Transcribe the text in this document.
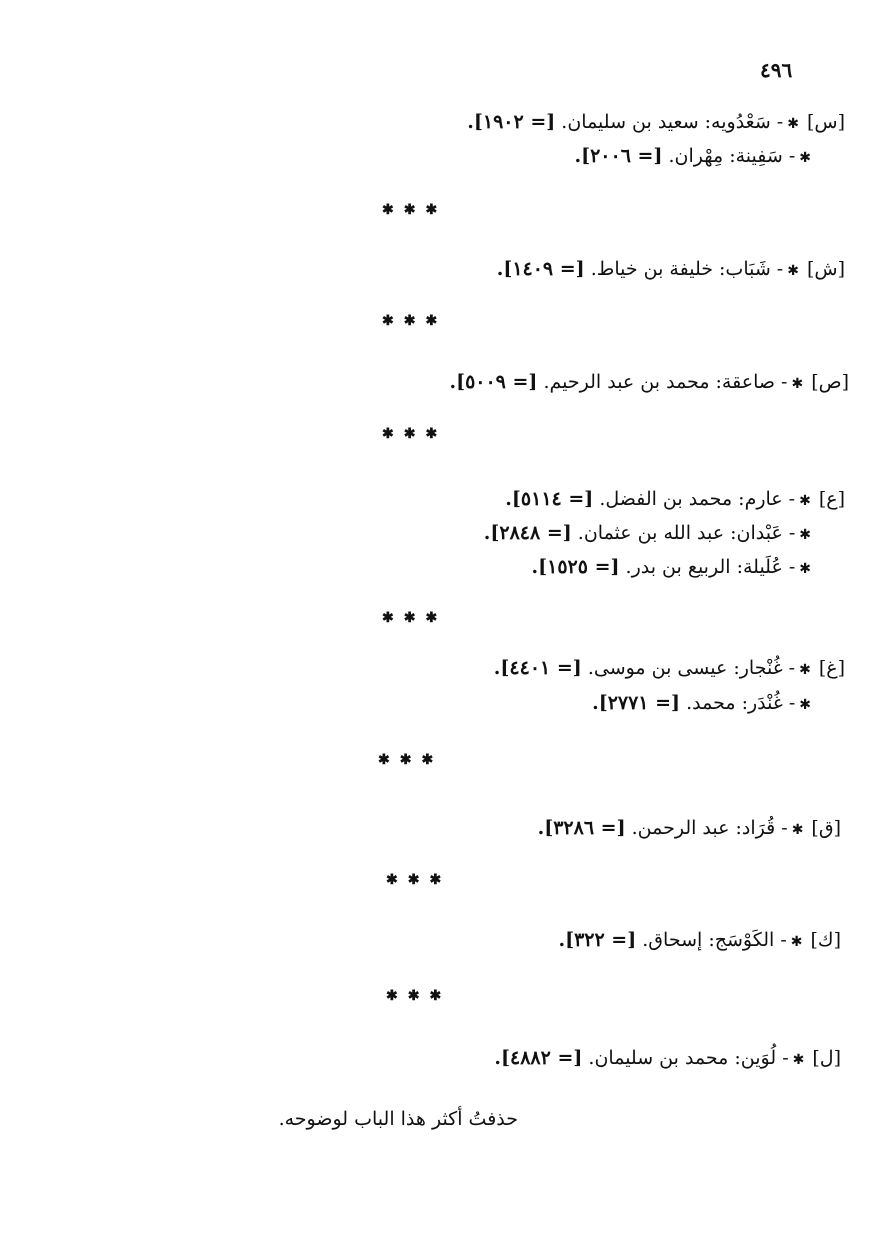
٤٩٦
[س]✱- سَعْدُويه: سعيد بن سليمان. [= ١٩٠٢].
✱- سَفِينة: مِهْران. [= ٢٠٠٦].
✱✱✱
[ش]✱- شَبَاب: خليفة بن خياط. [= ١٤٠٩].
✱✱✱
[ص]✱- صاعقة: محمد بن عبد الرحيم. [= ٥٠٠٩].
✱✱✱
[ع]✱- عارم: محمد بن الفضل. [= ٥١١٤].
✱- عَبْدان: عبد الله بن عثمان. [= ٢٨٤٨].
✱- عُلَيلة: الربيع بن بدر. [= ١٥٢٥].
✱✱✱
[غ]✱- غُنْجار: عيسى بن موسى. [= ٤٤٠١].
✱- غُنْدَر: محمد. [= ٢٧٧١].
✱✱✱
[ق]✱- قُرَاد: عبد الرحمن. [= ٣٢٨٦].
✱✱✱
[ك]✱- الكَوْسَج: إسحاق. [= ٣٢٢].
✱✱✱
[ل]✱- لُوَين: محمد بن سليمان. [= ٤٨٨٢].
حذفتُ أكثر هذا الباب لوضوحه.
